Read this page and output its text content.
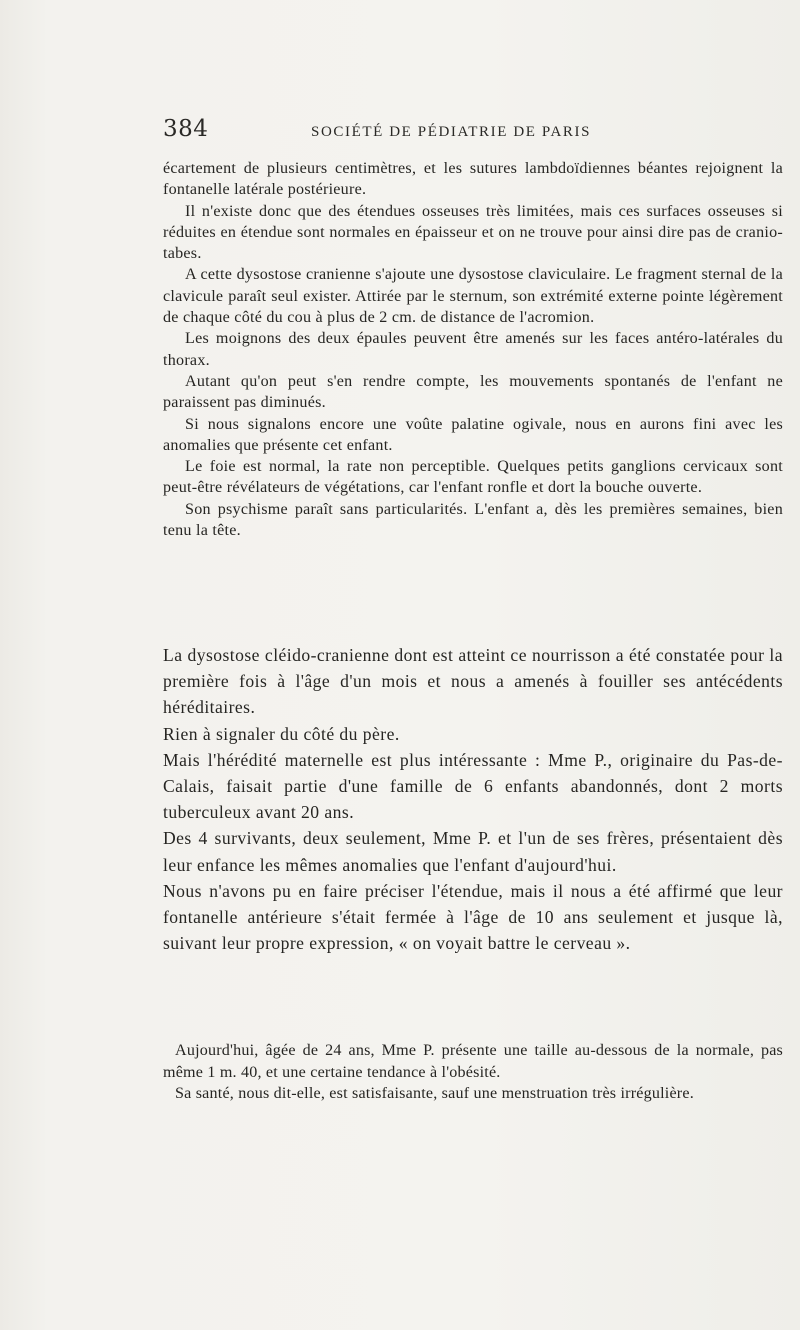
384	SOCIÉTÉ DE PÉDIATRIE DE PARIS

écartement de plusieurs centimètres, et les sutures lambdoïdiennes béantes rejoignent la fontanelle latérale postérieure.

Il n'existe donc que des étendues osseuses très limitées, mais ces surfaces osseuses si réduites en étendue sont normales en épaisseur et on ne trouve pour ainsi dire pas de cranio-tabes.

A cette dysostose cranienne s'ajoute une dysostose claviculaire. Le fragment sternal de la clavicule paraît seul exister. Attirée par le sternum, son extrémité externe pointe légèrement de chaque côté du cou à plus de 2 cm. de distance de l'acromion.

Les moignons des deux épaules peuvent être amenés sur les faces antéro-latérales du thorax.

Autant qu'on peut s'en rendre compte, les mouvements spontanés de l'enfant ne paraissent pas diminués.

Si nous signalons encore une voûte palatine ogivale, nous en aurons fini avec les anomalies que présente cet enfant.

Le foie est normal, la rate non perceptible. Quelques petits ganglions cervicaux sont peut-être révélateurs de végétations, car l'enfant ronfle et dort la bouche ouverte.

Son psychisme paraît sans particularités. L'enfant a, dès les premières semaines, bien tenu la tête.

La dysostose cléido-cranienne dont est atteint ce nourrisson a été constatée pour la première fois à l'âge d'un mois et nous a amenés à fouiller ses antécédents héréditaires.

Rien à signaler du côté du père.

Mais l'hérédité maternelle est plus intéressante : Mme P., originaire du Pas-de-Calais, faisait partie d'une famille de 6 enfants abandonnés, dont 2 morts tuberculeux avant 20 ans.

Des 4 survivants, deux seulement, Mme P. et l'un de ses frères, présentaient dès leur enfance les mêmes anomalies que l'enfant d'aujourd'hui.

Nous n'avons pu en faire préciser l'étendue, mais il nous a été affirmé que leur fontanelle antérieure s'était fermée à l'âge de 10 ans seulement et jusque là, suivant leur propre expression, « on voyait battre le cerveau ».

Aujourd'hui, âgée de 24 ans, Mme P. présente une taille au-dessous de la normale, pas même 1 m. 40, et une certaine tendance à l'obésité.

Sa santé, nous dit-elle, est satisfaisante, sauf une menstruation très irrégulière.
